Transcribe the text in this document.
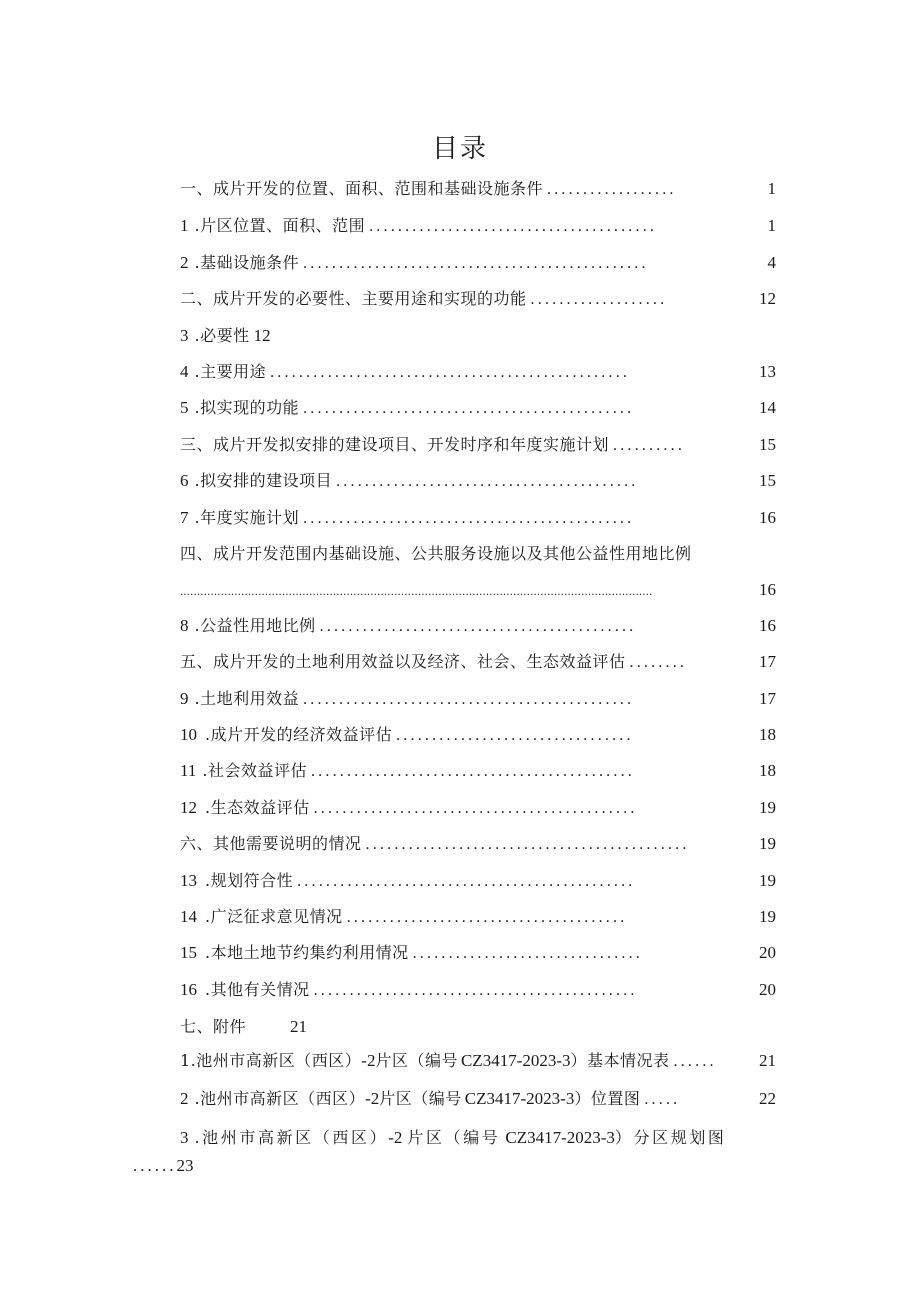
目录
一、成片开发的位置、面积、范围和基础设施条件 ..................	1
1 .片区位置、面积、范围 ........................................	1
2 .基础设施条件 ................................................	4
二、成片开发的必要性、主要用途和实现的功能 ...................	12
3 .必要性 12
4 .主要用途 ..................................................	13
5 .拟实现的功能 ..............................................	14
三、成片开发拟安排的建设项目、开发时序和年度实施计划 ..........	15
6 .拟安排的建设项目 ..........................................	15
7 .年度实施计划 ..............................................	16
四、成片开发范围内基础设施、公共服务设施以及其他公益性用地比例
...........................................................................................................................................	16
8 .公益性用地比例 ............................................	16
五、成片开发的土地利用效益以及经济、社会、生态效益评估 ........	17
9 .土地利用效益 ..............................................	17
10 .成片开发的经济效益评估 .................................	18
11 .社会效益评估 .............................................	18
12 .生态效益评估 .............................................	19
六、其他需要说明的情况 .............................................	19
13 .规划符合性 ...............................................	19
14 .广泛征求意见情况 .......................................	19
15 .本地土地节约集约利用情况 ................................	20
16 .其他有关情况 .............................................	20
七、附件	21
1.池州市高新区（西区） -2 片区（编号 CZ3417-2023-3 ）基本情况表 ......	21
2 .池州市高新区（西区） -2 片区（编号 CZ3417-2023-3 ）位置图 .....	22
3 .池州市高新区（西区） -2 片区（编号 CZ3417-2023-3 ）分区规划图
......23
